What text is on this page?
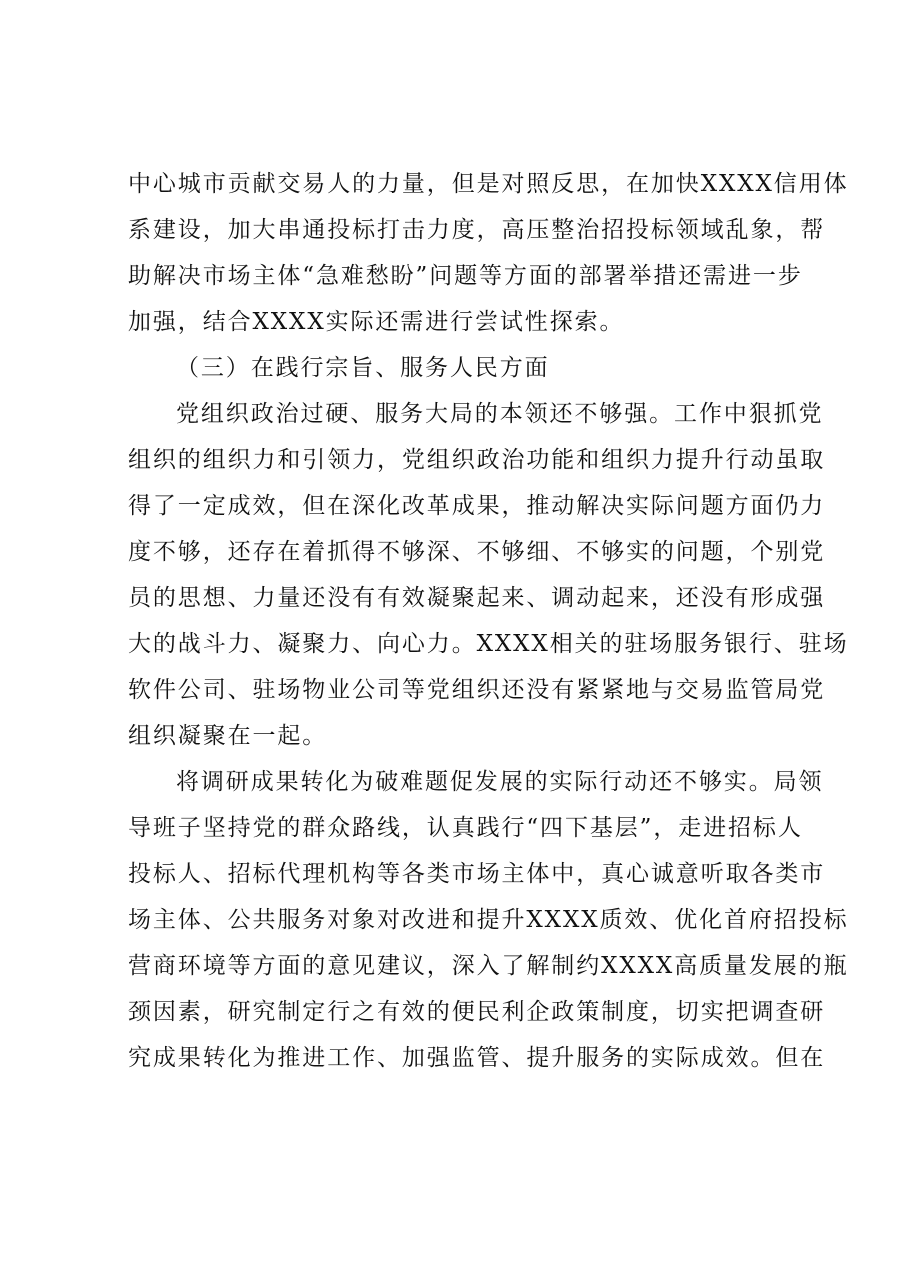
中心城市贡献交易人的力量，但是对照反思，在加快XXXX信用体
系建设，加大串通投标打击力度，高压整治招投标领域乱象，帮
助解决市场主体“急难愁盼”问题等方面的部署举措还需进一步
加强，结合XXXX实际还需进行尝试性探索。
（三）在践行宗旨、服务人民方面
党组织政治过硬、服务大局的本领还不够强。工作中狠抓党
组织的组织力和引领力，党组织政治功能和组织力提升行动虽取
得了一定成效，但在深化改革成果，推动解决实际问题方面仍力
度不够，还存在着抓得不够深、不够细、不够实的问题，个别党
员的思想、力量还没有有效凝聚起来、调动起来，还没有形成强
大的战斗力、凝聚力、向心力。XXXX相关的驻场服务银行、驻场
软件公司、驻场物业公司等党组织还没有紧紧地与交易监管局党
组织凝聚在一起。
将调研成果转化为破难题促发展的实际行动还不够实。局领
导班子坚持党的群众路线，认真践行“四下基层”，走进招标人
投标人、招标代理机构等各类市场主体中，真心诚意听取各类市
场主体、公共服务对象对改进和提升XXXX质效、优化首府招投标
营商环境等方面的意见建议，深入了解制约XXXX高质量发展的瓶
颈因素，研究制定行之有效的便民利企政策制度，切实把调查研
究成果转化为推进工作、加强监管、提升服务的实际成效。但在
